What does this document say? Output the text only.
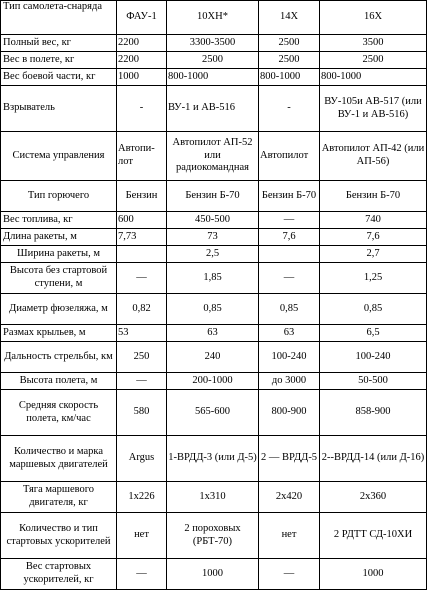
Тип самолета-снаряда	ФАУ-1	10ХН*	14Х	16Х
Полный вес, кг	2200	3300-3500	2500	3500
Вес в полете, кг	2200	2500	2500	2500
Вес боевой части, кг	1000	800-1000	800-1000	800-1000
Взрыватель	-	ВУ-1 и АВ-516	-	ВУ-105и АВ-517 (или ВУ-1 и АВ-516)
Система управления	Автопи-лот	Автопилот АП-52 или радиокомандная	Автопилот	Автопилот АП-42 (или АП-56)
Тип горючего	Бензин	Бензин Б-70	Бензин Б-70	Бензин Б-70
Вес топлива, кг	600	450-500	—	740
Длина ракеты, м	7,73	73	7,6	7,6
Ширина ракеты, м		2,5		2,7
Высота без стартовой ступени, м	—	1,85	—	1,25
Диаметр фюзеляжа, м	0,82	0,85	0,85	0,85
Размах крыльев, м	53	63	63	6,5
Дальность стрельбы, км	250	240	100-240	100-240
Высота полета, м	—	200-1000	до 3000	50-500
Средняя скорость полета, км/час	580	565-600	800-900	858-900
Количество и марка маршевых двигателей	Argus	1-ВРДД-3 (или Д-5)	2 — ВРДД-5	2--ВРДД-14 (или Д-16)
Тяга маршевого двигателя, кг	1x226	1x310	2x420	2x360
Количество и тип стартовых ускорителей	нет	2 пороховых (РБТ-70)	нет	2 РДТТ СД-10ХИ
Вес стартовых ускорителей, кг	—	1000	—	1000
